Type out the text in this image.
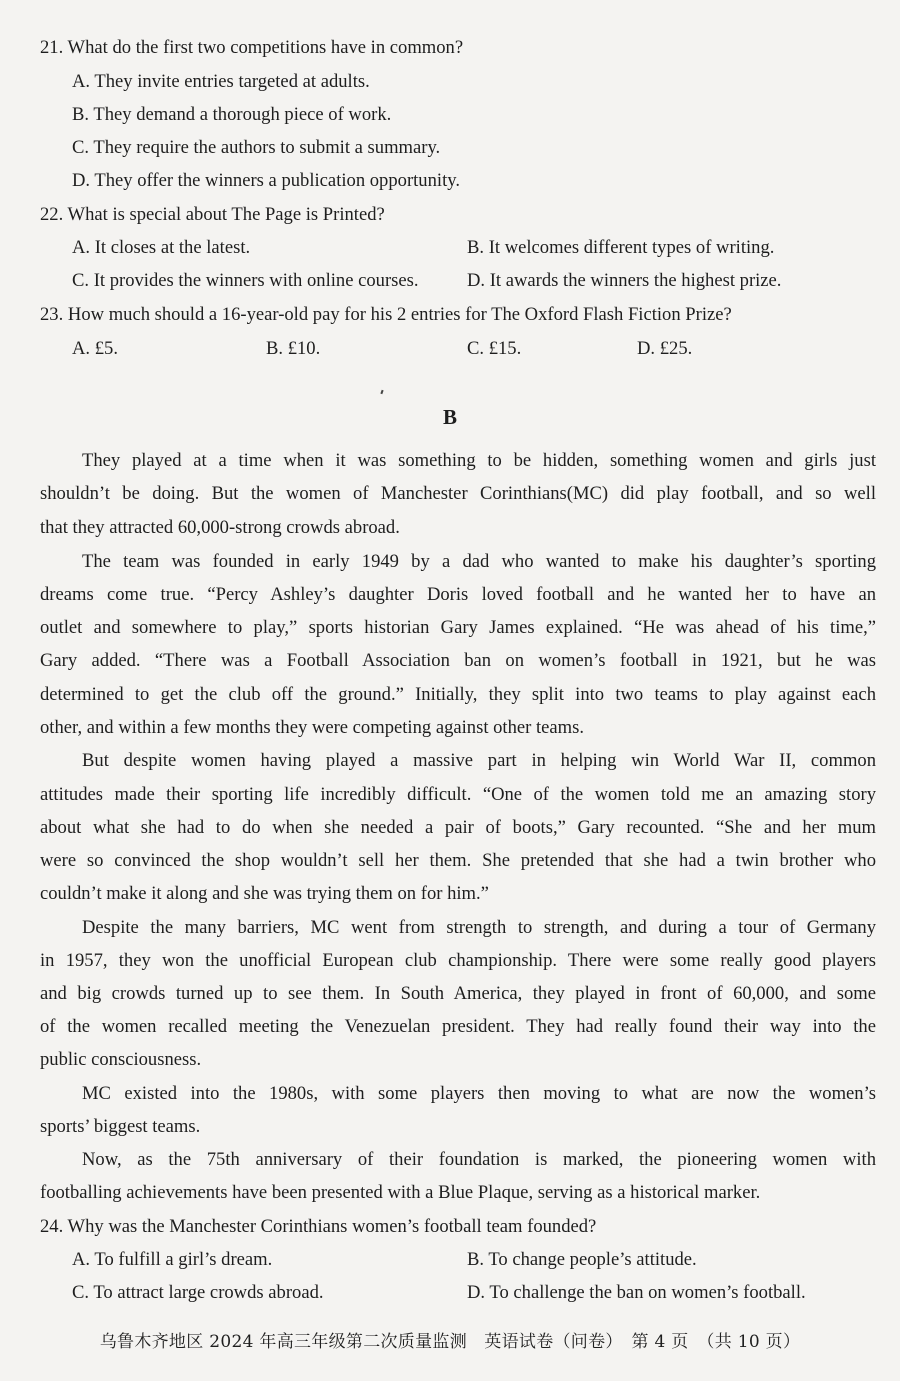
21. What do the first two competitions have in common?
A. They invite entries targeted at adults.
B. They demand a thorough piece of work.
C. They require the authors to submit a summary.
D. They offer the winners a publication opportunity.
22. What is special about The Page is Printed?
A. It closes at the latest.	B. It welcomes different types of writing.
C. It provides the winners with online courses.	D. It awards the winners the highest prize.
23. How much should a 16-year-old pay for his 2 entries for The Oxford Flash Fiction Prize?
A. £5.	B. £10.	C. £15.	D. £25.
B
They played at a time when it was something to be hidden, something women and girls just
shouldn’t be doing. But the women of Manchester Corinthians(MC) did play football, and so well
that they attracted 60,000-strong crowds abroad.
The team was founded in early 1949 by a dad who wanted to make his daughter’s sporting
dreams come true. “Percy Ashley’s daughter Doris loved football and he wanted her to have an
outlet and somewhere to play,” sports historian Gary James explained. “He was ahead of his time,”
Gary added. “There was a Football Association ban on women’s football in 1921, but he was
determined to get the club off the ground.” Initially, they split into two teams to play against each
other, and within a few months they were competing against other teams.
But despite women having played a massive part in helping win World War II, common
attitudes made their sporting life incredibly difficult. “One of the women told me an amazing story
about what she had to do when she needed a pair of boots,” Gary recounted. “She and her mum
were so convinced the shop wouldn’t sell her them. She pretended that she had a twin brother who
couldn’t make it along and she was trying them on for him.”
Despite the many barriers, MC went from strength to strength, and during a tour of Germany
in 1957, they won the unofficial European club championship. There were some really good players
and big crowds turned up to see them. In South America, they played in front of 60,000, and some
of the women recalled meeting the Venezuelan president. They had really found their way into the
public consciousness.
MC existed into the 1980s, with some players then moving to what are now the women’s
sports’ biggest teams.
Now, as the 75th anniversary of their foundation is marked, the pioneering women with
footballing achievements have been presented with a Blue Plaque, serving as a historical marker.
24. Why was the Manchester Corinthians women’s football team founded?
A. To fulfill a girl’s dream.	B. To change people’s attitude.
C. To attract large crowds abroad.	D. To challenge the ban on women’s football.
乌鲁木齐地区 2024 年高三年级第二次质量监测　英语试卷（问卷）　第 4 页　（共 10 页）
